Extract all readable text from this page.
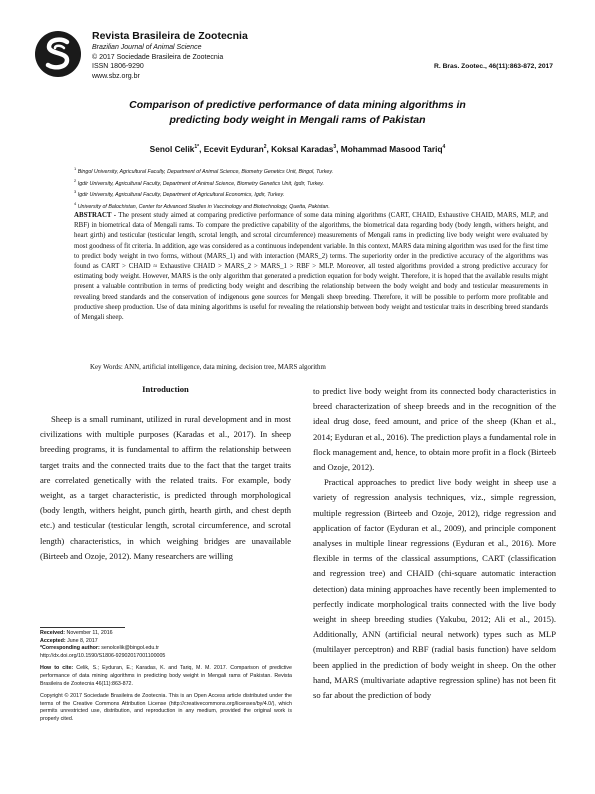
Revista Brasileira de Zootecnia
Brazilian Journal of Animal Science
© 2017 Sociedade Brasileira de Zootecnia
ISSN 1806-9290
www.sbz.org.br
R. Bras. Zootec., 46(11):863-872, 2017
Comparison of predictive performance of data mining algorithms in
predicting body weight in Mengali rams of Pakistan
Senol Celik$^{1*}$, Ecevit Eyduran$^2$, Koksal Karadas$^3$, Mohammad Masood Tariq$^4$
$^1$ Bingol University, Agricultural Faculty, Department of Animal Science, Biometry Genetics Unit, Bingol, Turkey.
$^2$ Igdir University, Agricultural Faculty, Department of Animal Science, Biometry Genetics Unit, Igdir, Turkey.
$^3$ Igdir University, Agricultural Faculty, Department of Agricultural Economics, Igdir, Turkey.
$^4$ University of Balochistan, Center for Advanced Studies in Vaccinology and Biotechnology, Quetta, Pakistan.
ABSTRACT - The present study aimed at comparing predictive performance of some data mining algorithms (CART, CHAID, Exhaustive CHAID, MARS, MLP, and RBF) in biometrical data of Mengali rams. To compare the predictive capability of the algorithms, the biometrical data regarding body (body length, withers height, and heart girth) and testicular (testicular length, scrotal length, and scrotal circumference) measurements of Mengali rams in predicting live body weight were evaluated by most goodness of fit criteria. In addition, age was considered as a continuous independent variable. In this context, MARS data mining algorithm was used for the first time to predict body weight in two forms, without (MARS_1) and with interaction (MARS_2) terms. The superiority order in the predictive accuracy of the algorithms was found as CART > CHAID ≈ Exhaustive CHAID > MARS_2 > MARS_1 > RBF > MLP. Moreover, all tested algorithms provided a strong predictive accuracy for estimating body weight. However, MARS is the only algorithm that generated a prediction equation for body weight. Therefore, it is hoped that the available results might present a valuable contribution in terms of predicting body weight and describing the relationship between the body weight and body and testicular measurements in revealing breed standards and the conservation of indigenous gene sources for Mengali sheep breeding. Therefore, it will be possible to perform more profitable and productive sheep production. Use of data mining algorithms is useful for revealing the relationship between body weight and testicular traits in describing breed standards of Mengali sheep.
Key Words: ANN, artificial intelligence, data mining, decision tree, MARS algorithm
Introduction

Sheep is a small ruminant, utilized in rural development and in most civilizations with multiple purposes (Karadas et al., 2017). In sheep breeding programs, it is fundamental to affirm the relationship between target traits and the connected traits due to the fact that the target traits are correlated genetically with the related traits. For example, body weight, as a target characteristic, is predicted through morphological (body length, withers height, punch girth, hearth girth, and chest depth etc.) and testicular (testicular length, scrotal circumference, and scrotal length) characteristics, in which weighing bridges are unavailable (Birteeb and Ozoje, 2012). Many researchers are willing

to predict live body weight from its connected body characteristics in breed characterization of sheep breeds and in the recognition of the ideal drug dose, feed amount, and price of the sheep (Khan et al., 2014; Eyduran et al., 2016). The prediction plays a fundamental role in flock management and, hence, to obtain more profit in a flock (Birteeb and Ozoje, 2012).

Practical approaches to predict live body weight in sheep use a variety of regression analysis techniques, viz., simple regression, multiple regression (Birteeb and Ozoje, 2012), ridge regression and application of factor (Eyduran et al., 2009), and principle component analyses in multiple linear regressions (Eyduran et al., 2016). More flexible in terms of the classical assumptions, CART (classification and regression tree) and CHAID (chi-square automatic interaction detection) data mining approaches have recently been implemented to perfectly indicate morphological traits connected with the live body weight in sheep breeding studies (Yakubu, 2012; Ali et al., 2015). Additionally, ANN (artificial neural network) types such as MLP (multilayer perceptron) and RBF (radial basis function) have seldom been applied in the prediction of body weight in sheep. On the other hand, MARS (multivariate adaptive regression spline) has not been fit so far about the prediction of body

Received: November 11, 2016
Accepted: June 8, 2017
*Corresponding author: senolcelik@bingol.edu.tr
http://dx.doi.org/10.1590/S1806-92902017001100005
How to cite: Celik, S.; Eyduran, E.; Karadas, K. and Tariq, M. M. 2017. Comparison of predictive performance of data mining algorithms in predicting body weight in Mengali rams of Pakistan. Revista Brasileira de Zootecnia 46(11):863-872.
Copyright © 2017 Sociedade Brasileira de Zootecnia. This is an Open Access article distributed under the terms of the Creative Commons Attribution License (http://creativecommons.org/licenses/by/4.0/), which permits unrestricted use, distribution, and reproduction in any medium, provided the original work is properly cited.
